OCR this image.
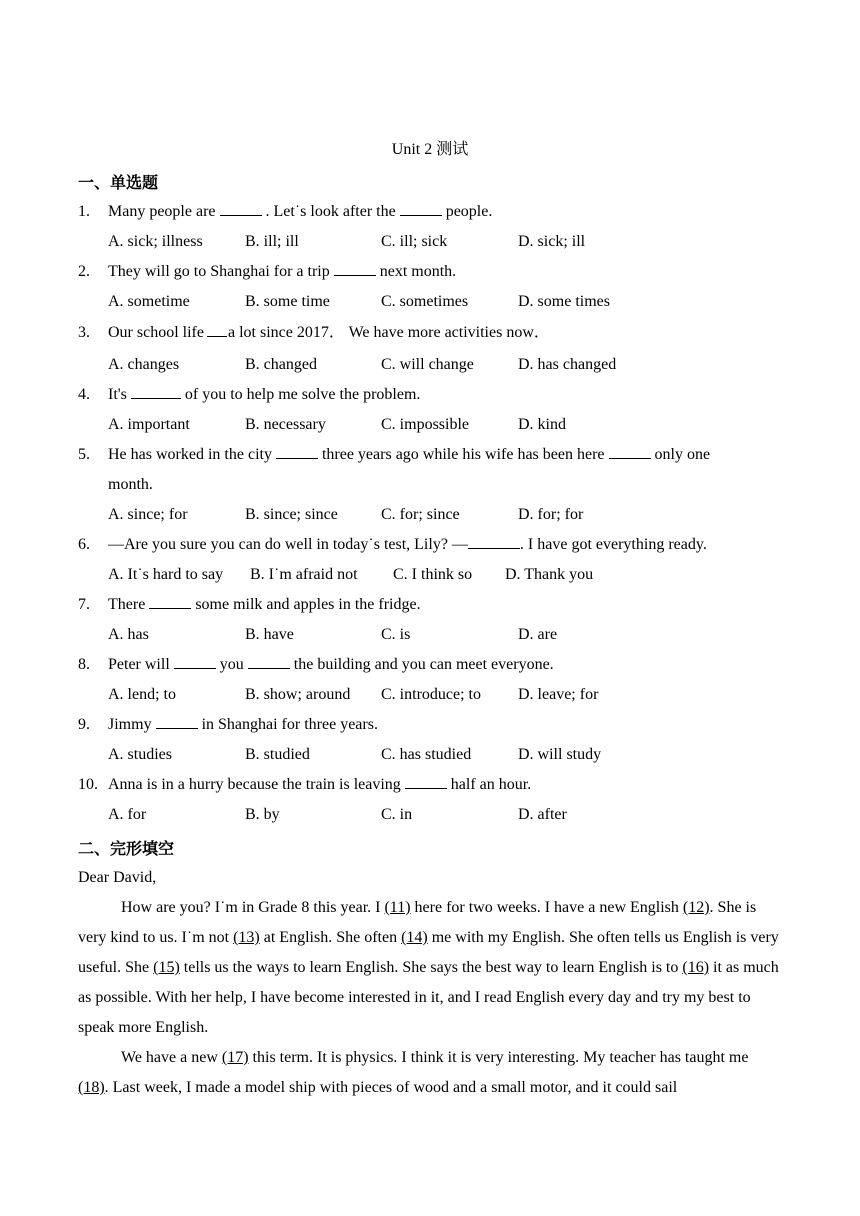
Unit 2 测试
一、单选题
1. Many people are	. Let˙s look after the	people.
A. sick; illness	B. ill; ill	C. ill; sick	D. sick; ill
2. They will go to Shanghai for a trip	next month.
A. sometime	B. some time	C. sometimes	D. some times
3. Our school life a lot since 2017． We have more activities now．
A. changes	B. changed	C. will change	D. has changed
4. It's	of you to help me solve the problem.
A. important	B. necessary	C. impossible	D. kind
5. He has worked in the city	three years ago while his wife has been here	only one
month.
A. since; for	B. since; since	C. for; since	D. for; for
6. —Are you sure you can do well in today˙s test, Lily? —	. I have got everything ready.
A. It˙s hard to say B. I˙m afraid not C. I think so D. Thank you
7. There	some milk and apples in the fridge.
A. has	B. have	C. is	D. are
8. Peter will	you	the building and you can meet everyone.
A. lend; to	B. show; around C. introduce; to D. leave; for
9. Jimmy	in Shanghai for three years.
A. studies	B. studied	C. has studied	D. will study
10. Anna is in a hurry because the train is leaving	half an hour.
A. for	B. by	C. in	D. after
二、完形填空

Dear David,

How are you? I˙m in Grade 8 this year. I (11) here for two weeks. I have a new English (12). She is very kind to us. I˙m not (13) at English. She often (14) me with my English. She often tells us English is very useful. She (15) tells us the ways to learn English. She says the best way to learn English is to (16) it as much as possible. With her help, I have become interested in it, and I read English every day and try my best to speak more English.

We have a new (17) this term. It is physics. I think it is very interesting. My teacher has taught me (18). Last week, I made a model ship with pieces of wood and a small motor, and it could sail
